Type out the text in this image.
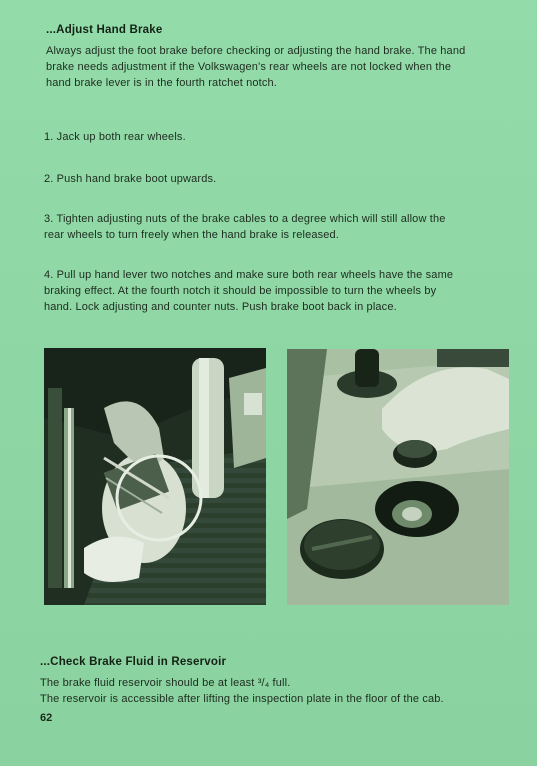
...Adjust Hand Brake
Always adjust the foot brake before checking or adjusting the hand brake. The hand
brake needs adjustment if the Volkswagen's rear wheels are not locked when the
hand brake lever is in the fourth ratchet notch.
1. Jack up both rear wheels.
2. Push hand brake boot upwards.
3. Tighten adjusting nuts of the brake cables to a degree which will still allow the
rear wheels to turn freely when the hand brake is released.
4. Pull up hand lever two notches and make sure both rear wheels have the same
braking effect. At the fourth notch it should be impossible to turn the wheels by
hand. Lock adjusting and counter nuts. Push brake boot back in place.
...Check Brake Fluid in Reservoir
The brake fluid reservoir should be at least ³/₄ full.
The reservoir is accessible after lifting the inspection plate in the floor of the cab.
62
